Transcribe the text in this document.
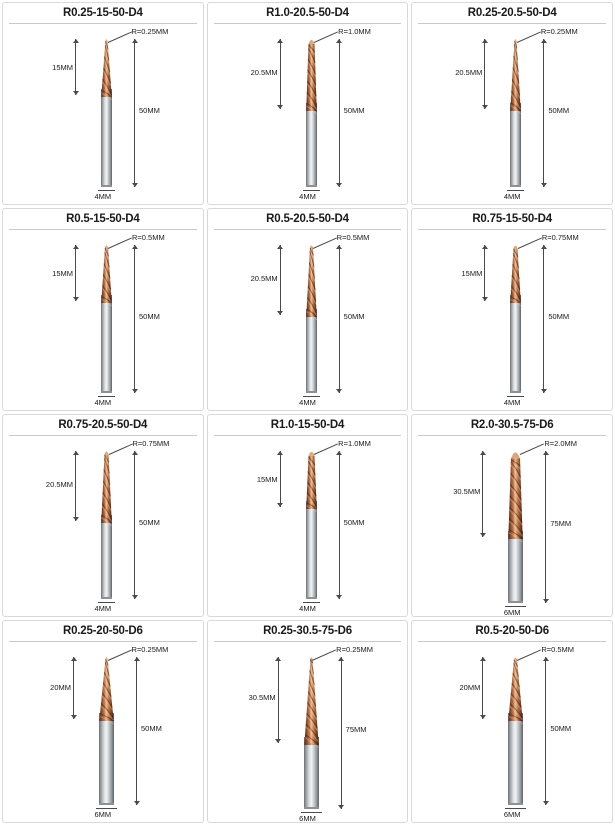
R0.25-15-50-D4
50MM
15MM
R=0.25MM
4MM
R1.0-20.5-50-D4
50MM
20.5MM
R=1.0MM
4MM
R0.25-20.5-50-D4
50MM
20.5MM
R=0.25MM
4MM
R0.5-15-50-D4
50MM
15MM
R=0.5MM
4MM
R0.5-20.5-50-D4
50MM
20.5MM
R=0.5MM
4MM
R0.75-15-50-D4
50MM
15MM
R=0.75MM
4MM
R0.75-20.5-50-D4
50MM
20.5MM
R=0.75MM
4MM
R1.0-15-50-D4
50MM
15MM
R=1.0MM
4MM
R2.0-30.5-75-D6
75MM
30.5MM
R=2.0MM
6MM
R0.25-20-50-D6
50MM
20MM
R=0.25MM
6MM
R0.25-30.5-75-D6
75MM
30.5MM
R=0.25MM
6MM
R0.5-20-50-D6
50MM
20MM
R=0.5MM
6MM
